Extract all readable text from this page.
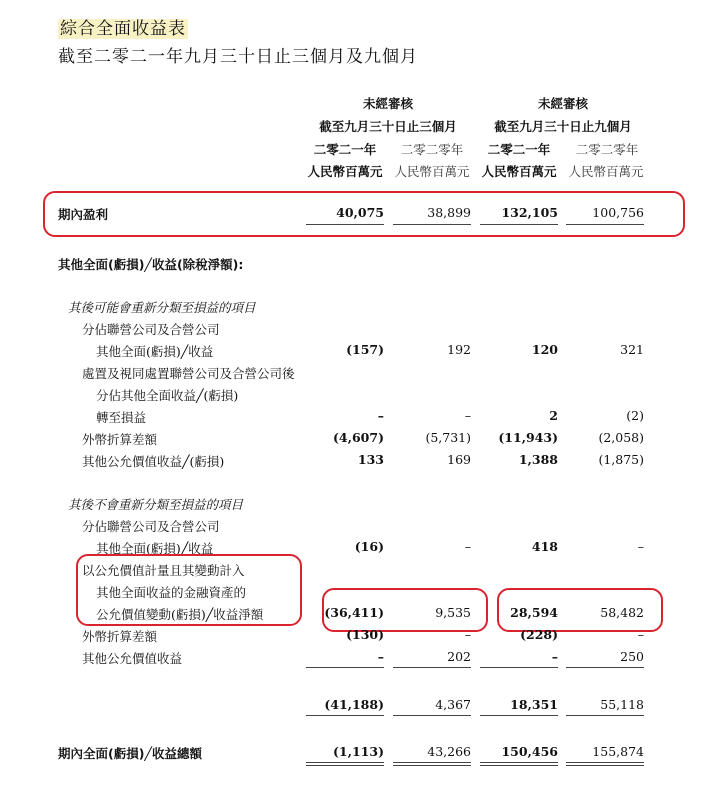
綜合全面收益表
截至二零二一年九月三十日止三個月及九個月
未經審核	未經審核
截至九月三十日止三個月	截至九月三十日止九個月
二零二一年	二零二零年	二零二一年	二零二零年
人民幣百萬元 人民幣百萬元 人民幣百萬元 人民幣百萬元
期內盈利	40,075	38,899 132,105	100,756
其他全面(虧損)╱收益(除稅淨額):
其後可能會重新分類至損益的項目
分佔聯營公司及合營公司
其他全面(虧損)╱收益	(157)	192	120	321
處置及視同處置聯營公司及合營公司後
分佔其他全面收益╱(虧損)
轉至損益	–	–	2	(2)
外幣折算差額	(4,607)	(5,731) (11,943)	(2,058)
其他公允價值收益╱(虧損)	133	169	1,388	(1,875)
其後不會重新分類至損益的項目
分佔聯營公司及合營公司
其他全面(虧損)╱收益	(16)	–	418	–
以公允價值計量且其變動計入
其他全面收益的金融資產的
公允價值變動(虧損)╱收益淨額	(36,411)	9,535	28,594	58,482
外幣折算差額	(130)	–	(228)	–
其他公允價值收益	–	202	–	250
(41,188)	4,367	18,351	55,118
期內全面(虧損)╱收益總額	(1,113)	43,266 150,456	155,874
